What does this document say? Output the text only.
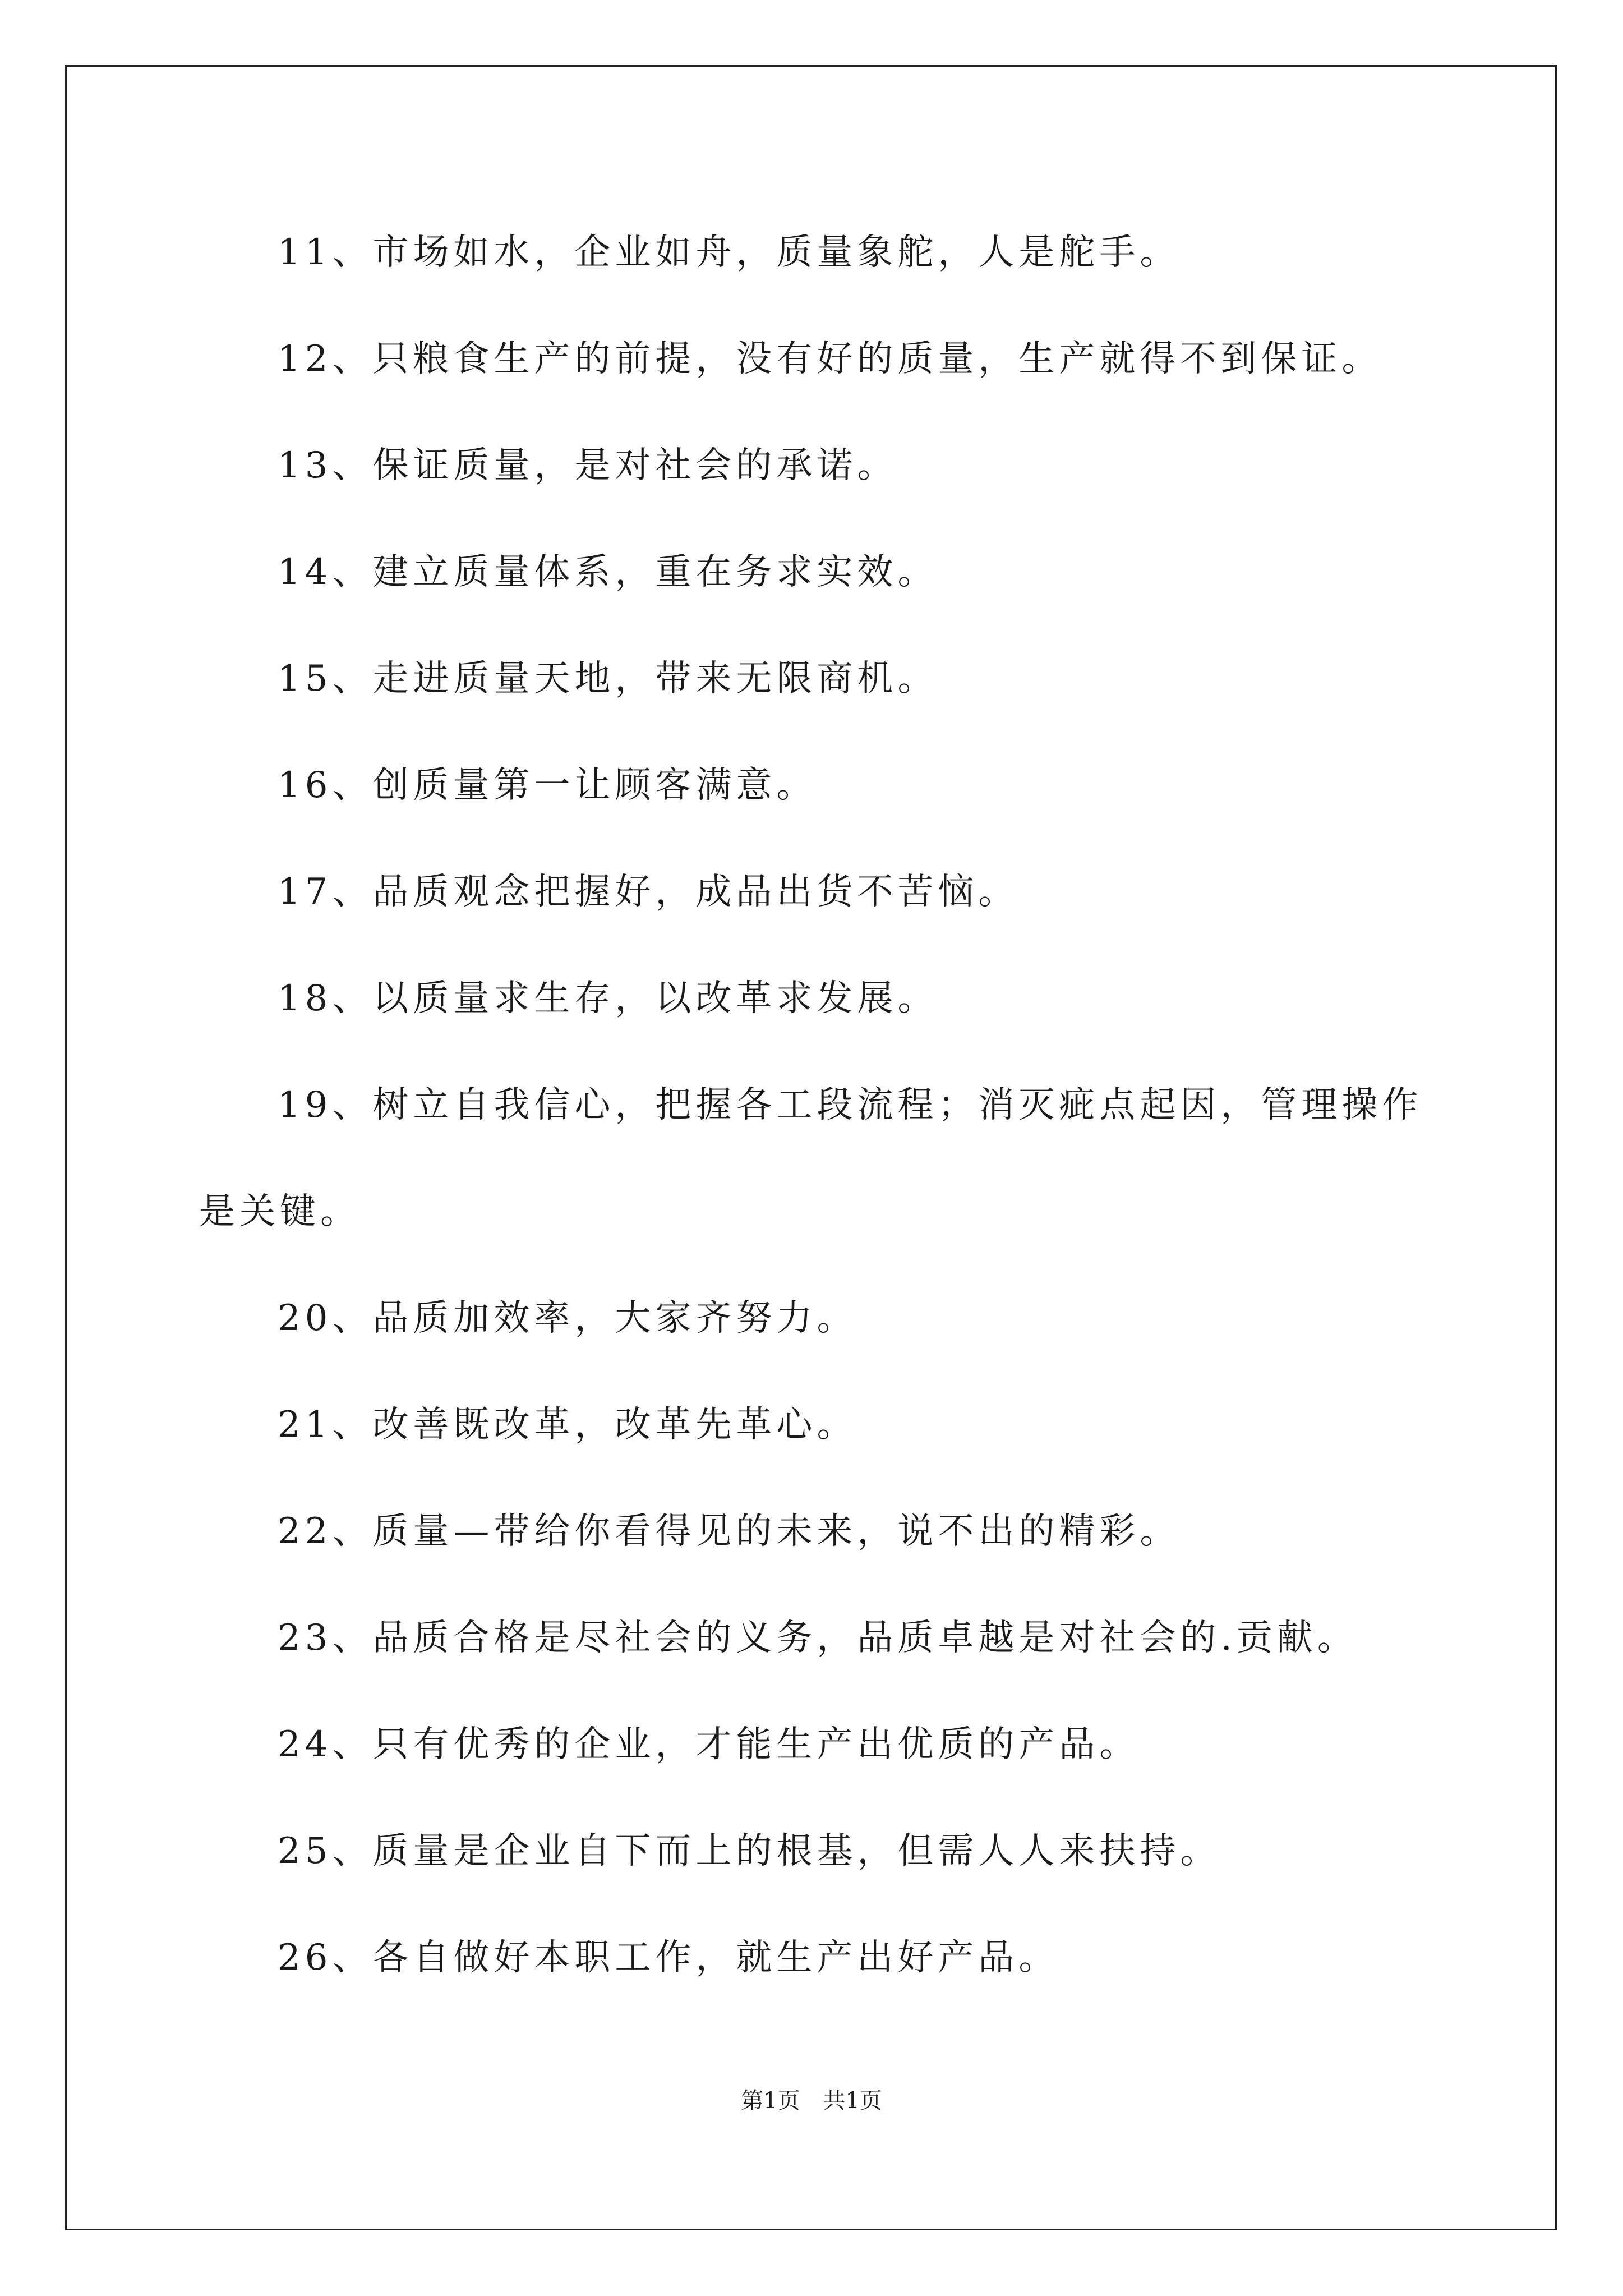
11、市场如水，企业如舟，质量象舵，人是舵手。
12、只粮食生产的前提，没有好的质量，生产就得不到保证。
13、保证质量，是对社会的承诺。
14、建立质量体系，重在务求实效。
15、走进质量天地，带来无限商机。
16、创质量第一让顾客满意。
17、品质观念把握好，成品出货不苦恼。
18、以质量求生存，以改革求发展。
19、树立自我信心，把握各工段流程；消灭疵点起因，管理操作
是关键。
20、品质加效率，大家齐努力。
21、改善既改革，改革先革心。
22、质量—带给你看得见的未来，说不出的精彩。
23、品质合格是尽社会的义务，品质卓越是对社会的.贡献。
24、只有优秀的企业，才能生产出优质的产品。
25、质量是企业自下而上的根基，但需人人来扶持。
26、各自做好本职工作，就生产出好产品。
第1页 共1页
